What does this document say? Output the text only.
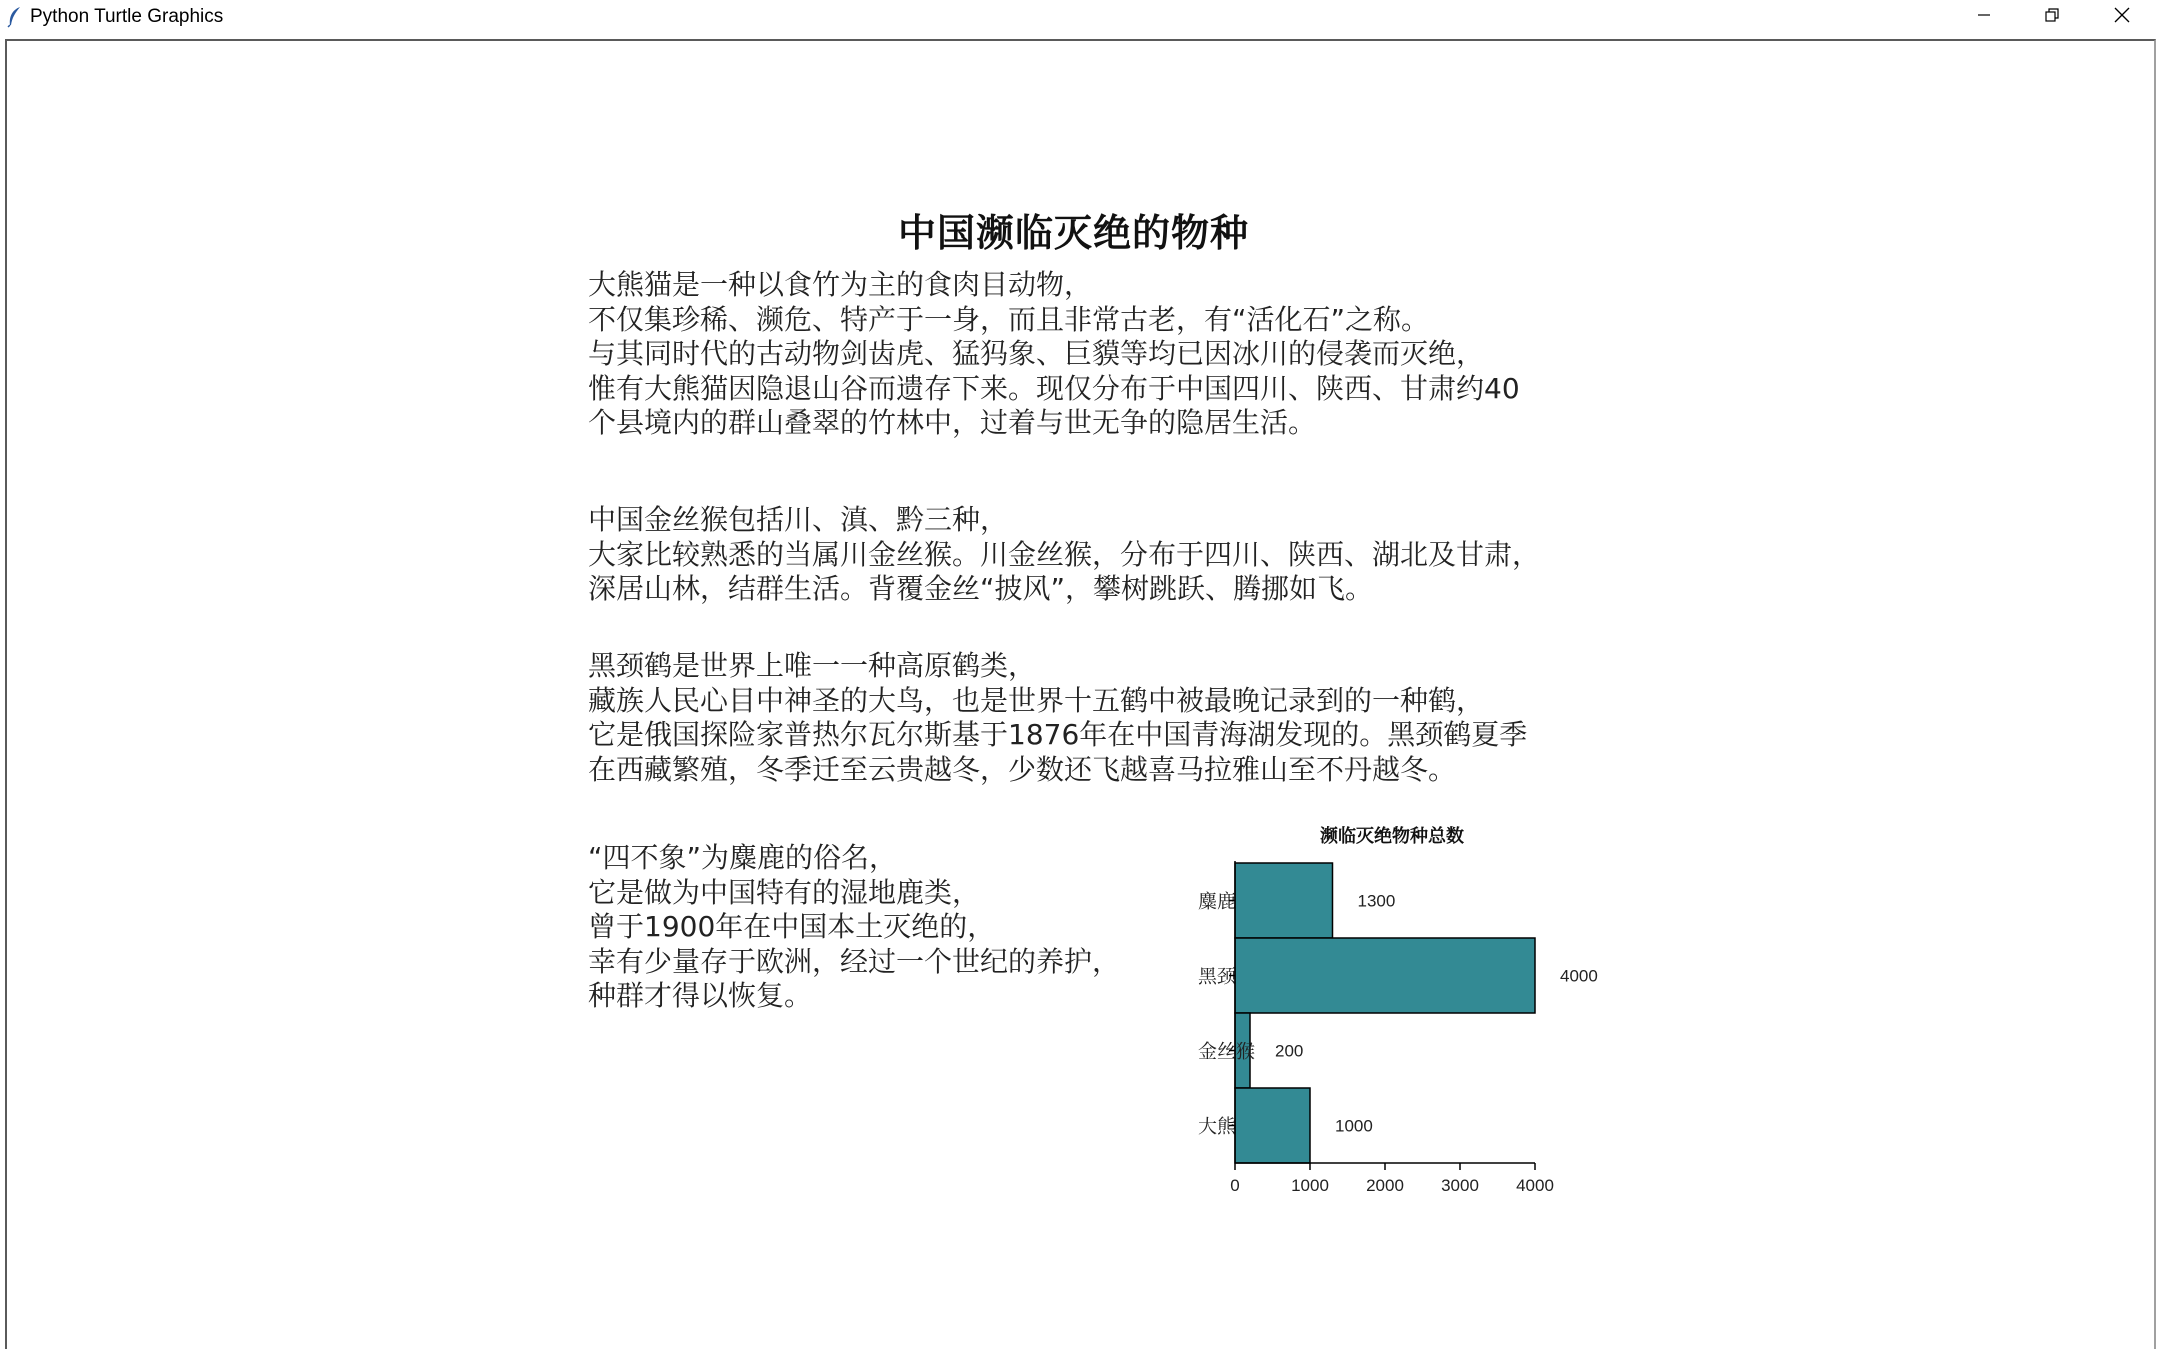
Python Turtle Graphics
中国濒临灭绝的物种
大熊猫是一种以食竹为主的食肉目动物，
不仅集珍稀、濒危、特产于一身，而且非常古老，有“活化石”之称。
与其同时代的古动物剑齿虎、猛犸象、巨貘等均已因冰川的侵袭而灭绝，
惟有大熊猫因隐退山谷而遗存下来。现仅分布于中国四川、陕西、甘肃约40
个县境内的群山叠翠的竹林中，过着与世无争的隐居生活。
中国金丝猴包括川、滇、黔三种，
大家比较熟悉的当属川金丝猴。川金丝猴，分布于四川、陕西、湖北及甘肃，
深居山林，结群生活。背覆金丝“披风”，攀树跳跃、腾挪如飞。
黑颈鹤是世界上唯一一种高原鹤类，
藏族人民心目中神圣的大鸟，也是世界十五鹤中被最晚记录到的一种鹤，
它是俄国探险家普热尔瓦尔斯基于1876年在中国青海湖发现的。黑颈鹤夏季
在西藏繁殖，冬季迁至云贵越冬，少数还飞越喜马拉雅山至不丹越冬。
“四不象”为麋鹿的俗名，
它是做为中国特有的湿地鹿类，
曾于1900年在中国本土灭绝的，
幸有少量存于欧洲，经过一个世纪的养护，
种群才得以恢复。
濒临灭绝物种总数
麋鹿	1300
黑颈	4000
金丝猴 200
大熊	1000
0	1000 2000 3000 4000
